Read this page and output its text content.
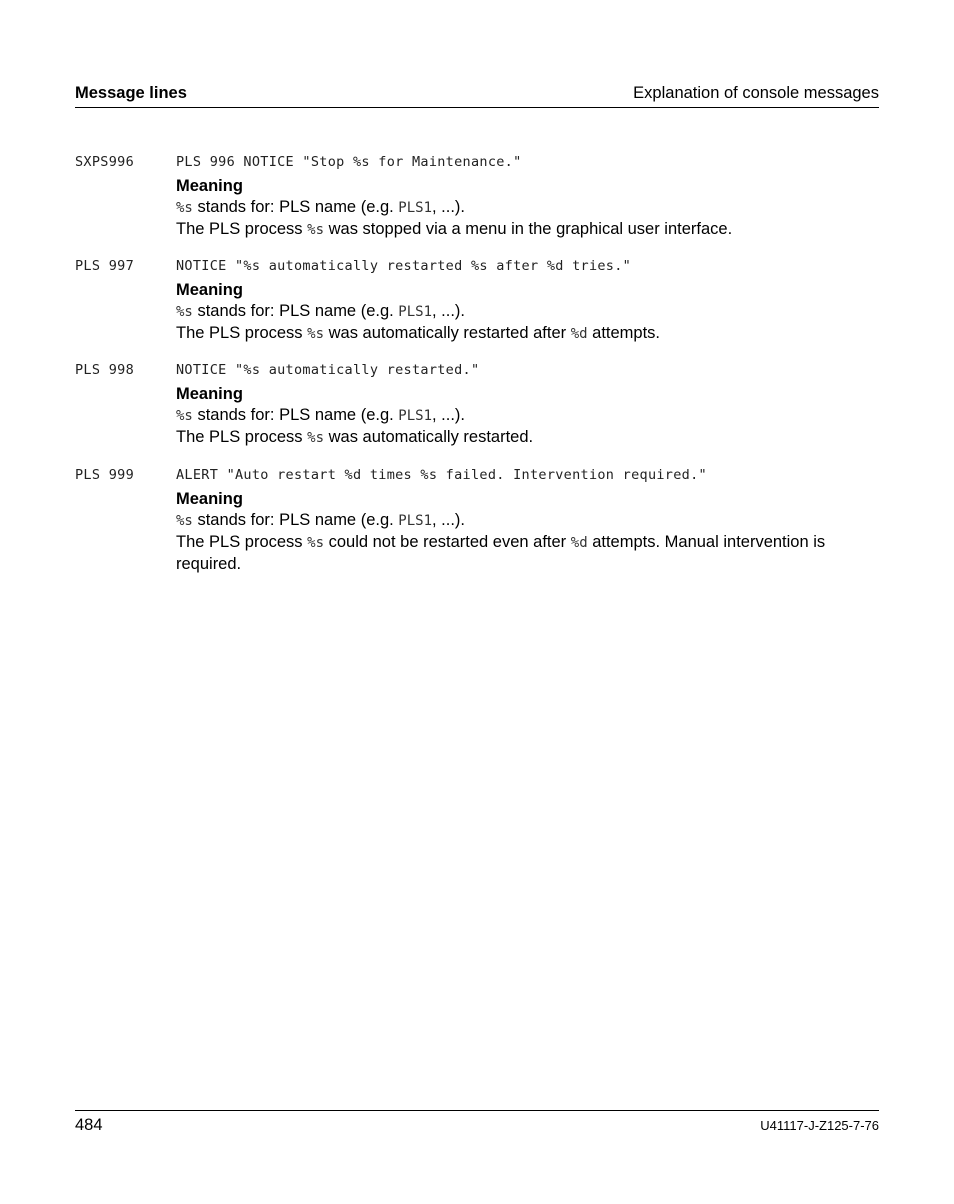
Message lines	Explanation of console messages
SXPS996	PLS 996 NOTICE "Stop %s for Maintenance."
Meaning
%s stands for: PLS name (e.g. PLS1, ...).
The PLS process %s was stopped via a menu in the graphical user interface.
PLS 997	NOTICE "%s automatically restarted %s after %d tries."
Meaning
%s stands for: PLS name (e.g. PLS1, ...).
The PLS process %s was automatically restarted after %d attempts.
PLS 998	NOTICE "%s automatically restarted."
Meaning
%s stands for: PLS name (e.g. PLS1, ...).
The PLS process %s was automatically restarted.
PLS 999	ALERT "Auto restart %d times %s failed. Intervention required."
Meaning
%s stands for: PLS name (e.g. PLS1, ...).
The PLS process %s could not be restarted even after %d attempts. Manual intervention is required.
484	U41117-J-Z125-7-76
